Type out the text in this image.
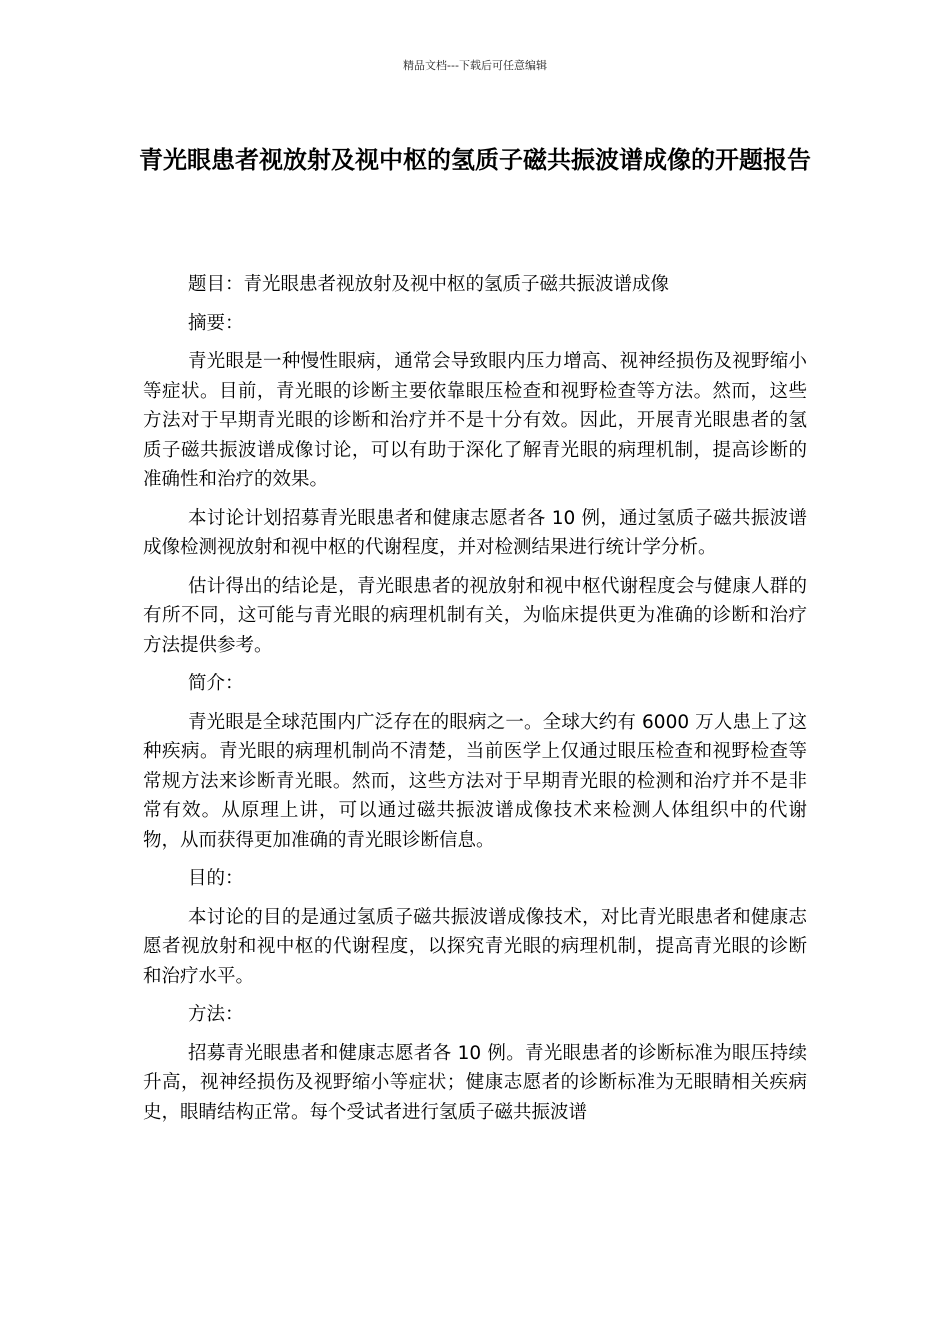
精品文档---下载后可任意编辑
青光眼患者视放射及视中枢的氢质子磁共振波谱成像的开题报告

题目：青光眼患者视放射及视中枢的氢质子磁共振波谱成像

摘要：

青光眼是一种慢性眼病，通常会导致眼内压力增高、视神经损伤及视野缩小等症状。目前，青光眼的诊断主要依靠眼压检查和视野检查等方法。然而，这些方法对于早期青光眼的诊断和治疗并不是十分有效。因此，开展青光眼患者的氢质子磁共振波谱成像讨论，可以有助于深化了解青光眼的病理机制，提高诊断的准确性和治疗的效果。

本讨论计划招募青光眼患者和健康志愿者各 10 例，通过氢质子磁共振波谱成像检测视放射和视中枢的代谢程度，并对检测结果进行统计学分析。

估计得出的结论是，青光眼患者的视放射和视中枢代谢程度会与健康人群的有所不同，这可能与青光眼的病理机制有关，为临床提供更为准确的诊断和治疗方法提供参考。

简介：

青光眼是全球范围内广泛存在的眼病之一。全球大约有 6000 万人患上了这种疾病。青光眼的病理机制尚不清楚，当前医学上仅通过眼压检查和视野检查等常规方法来诊断青光眼。然而，这些方法对于早期青光眼的检测和治疗并不是非常有效。从原理上讲，可以通过磁共振波谱成像技术来检测人体组织中的代谢物，从而获得更加准确的青光眼诊断信息。

目的：

本讨论的目的是通过氢质子磁共振波谱成像技术，对比青光眼患者和健康志愿者视放射和视中枢的代谢程度，以探究青光眼的病理机制，提高青光眼的诊断和治疗水平。

方法：

招募青光眼患者和健康志愿者各 10 例。青光眼患者的诊断标准为眼压持续升高，视神经损伤及视野缩小等症状；健康志愿者的诊断标准为无眼睛相关疾病史，眼睛结构正常。每个受试者进行氢质子磁共振波谱
